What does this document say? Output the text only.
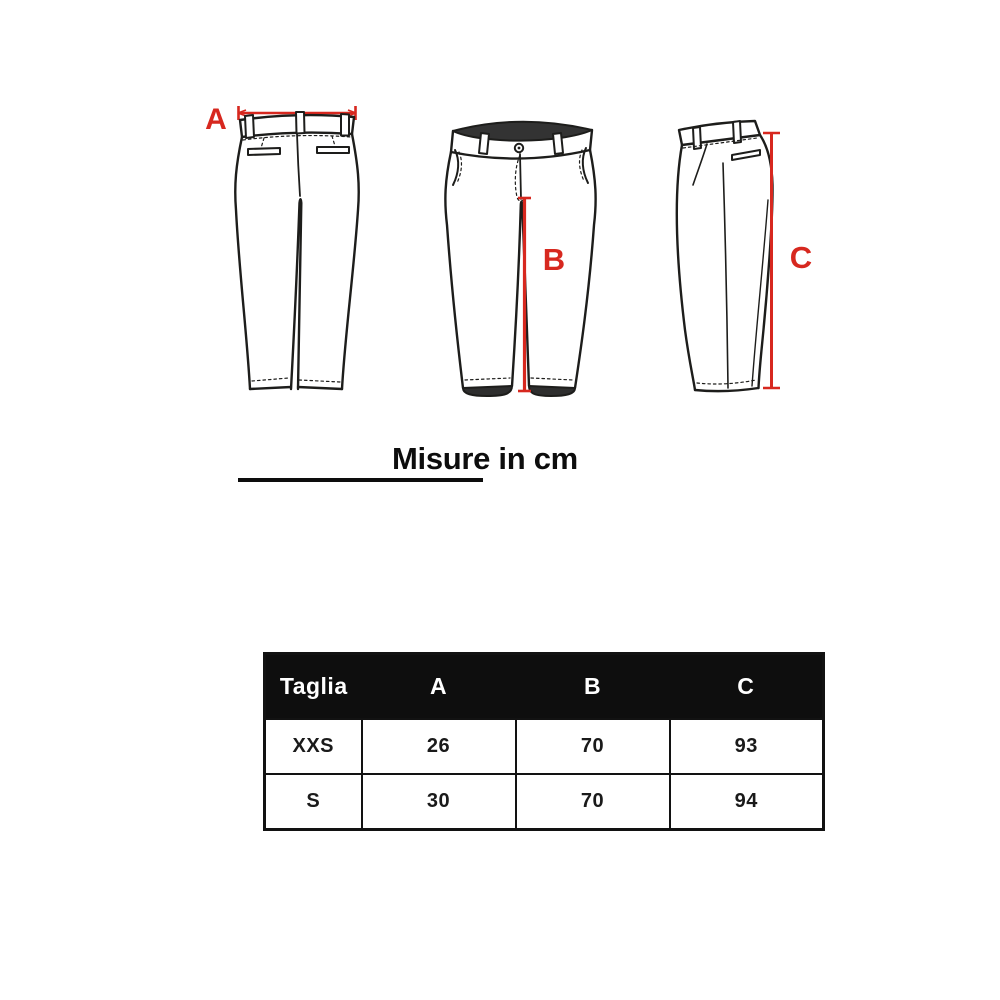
A
B	C
Misure in cm
Taglia	A	B	C
XXS	26	70	93
S	30	70	94
